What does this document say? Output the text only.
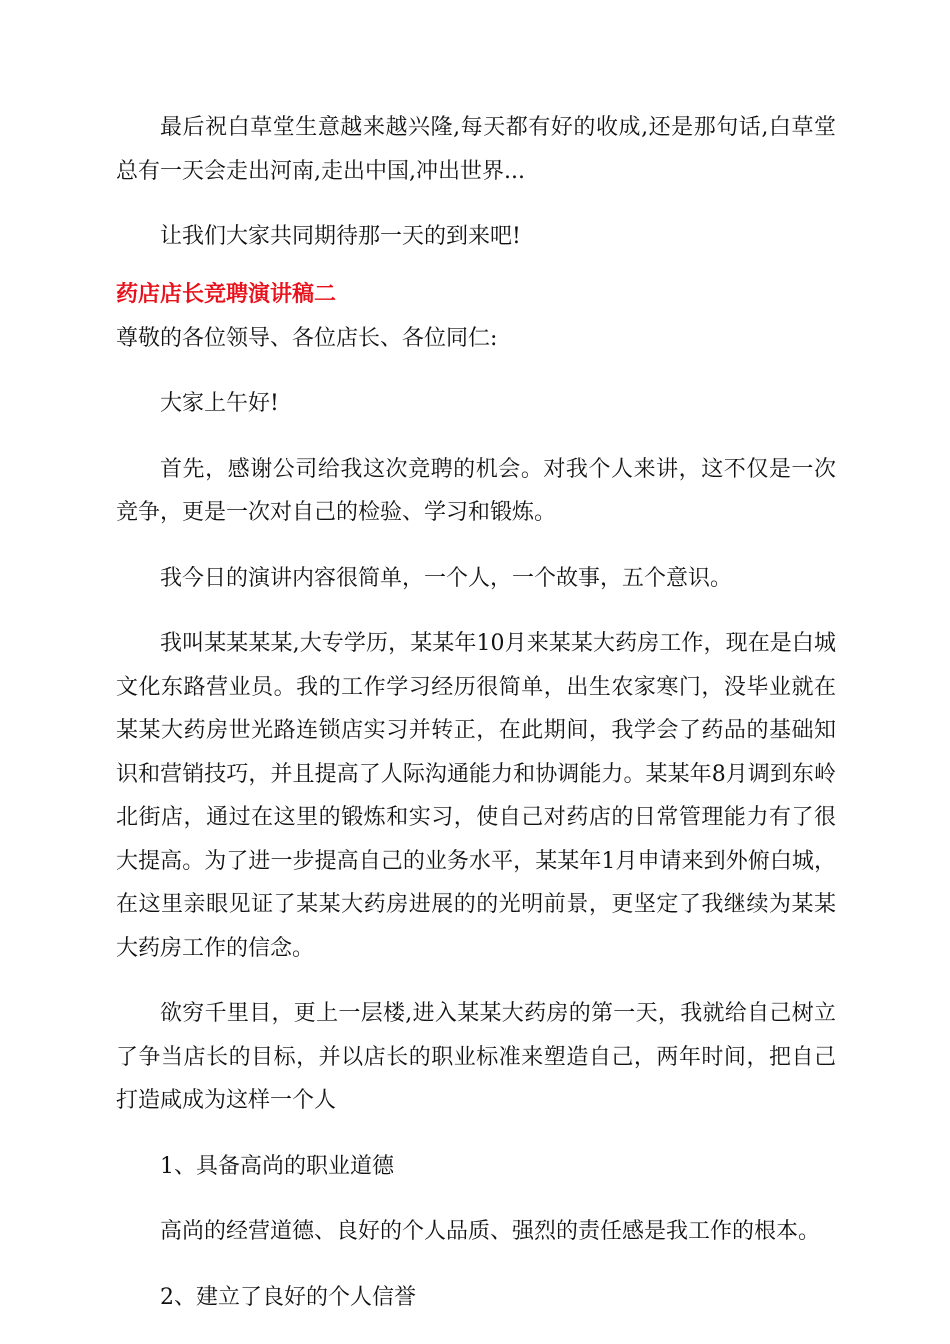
最后祝白草堂生意越来越兴隆,每天都有好的收成,还是那句话,白草堂总有一天会走出河南,走出中国,冲出世界...

让我们大家共同期待那一天的到来吧!

药店店长竞聘演讲稿二

尊敬的各位领导、各位店长、各位同仁:

大家上午好!

首先，感谢公司给我这次竞聘的机会。对我个人来讲，这不仅是一次竞争，更是一次对自己的检验、学习和锻炼。

我今日的演讲内容很简单，一个人，一个故事，五个意识。

我叫某某某某,大专学历，某某年10月来某某大药房工作，现在是白城文化东路营业员。我的工作学习经历很简单，出生农家寒门，没毕业就在某某大药房世光路连锁店实习并转正，在此期间，我学会了药品的基础知识和营销技巧，并且提高了人际沟通能力和协调能力。某某年8月调到东岭北街店，通过在这里的锻炼和实习，使自己对药店的日常管理能力有了很大提高。为了进一步提高自己的业务水平，某某年1月申请来到外俯白城，在这里亲眼见证了某某大药房进展的的光明前景，更坚定了我继续为某某大药房工作的信念。

欲穷千里目，更上一层楼,进入某某大药房的第一天，我就给自己树立了争当店长的目标，并以店长的职业标准来塑造自己，两年时间，把自己打造咸成为这样一个人

1、具备高尚的职业道德

高尚的经营道德、良好的个人品质、强烈的责任感是我工作的根本。

2、建立了良好的个人信誉
